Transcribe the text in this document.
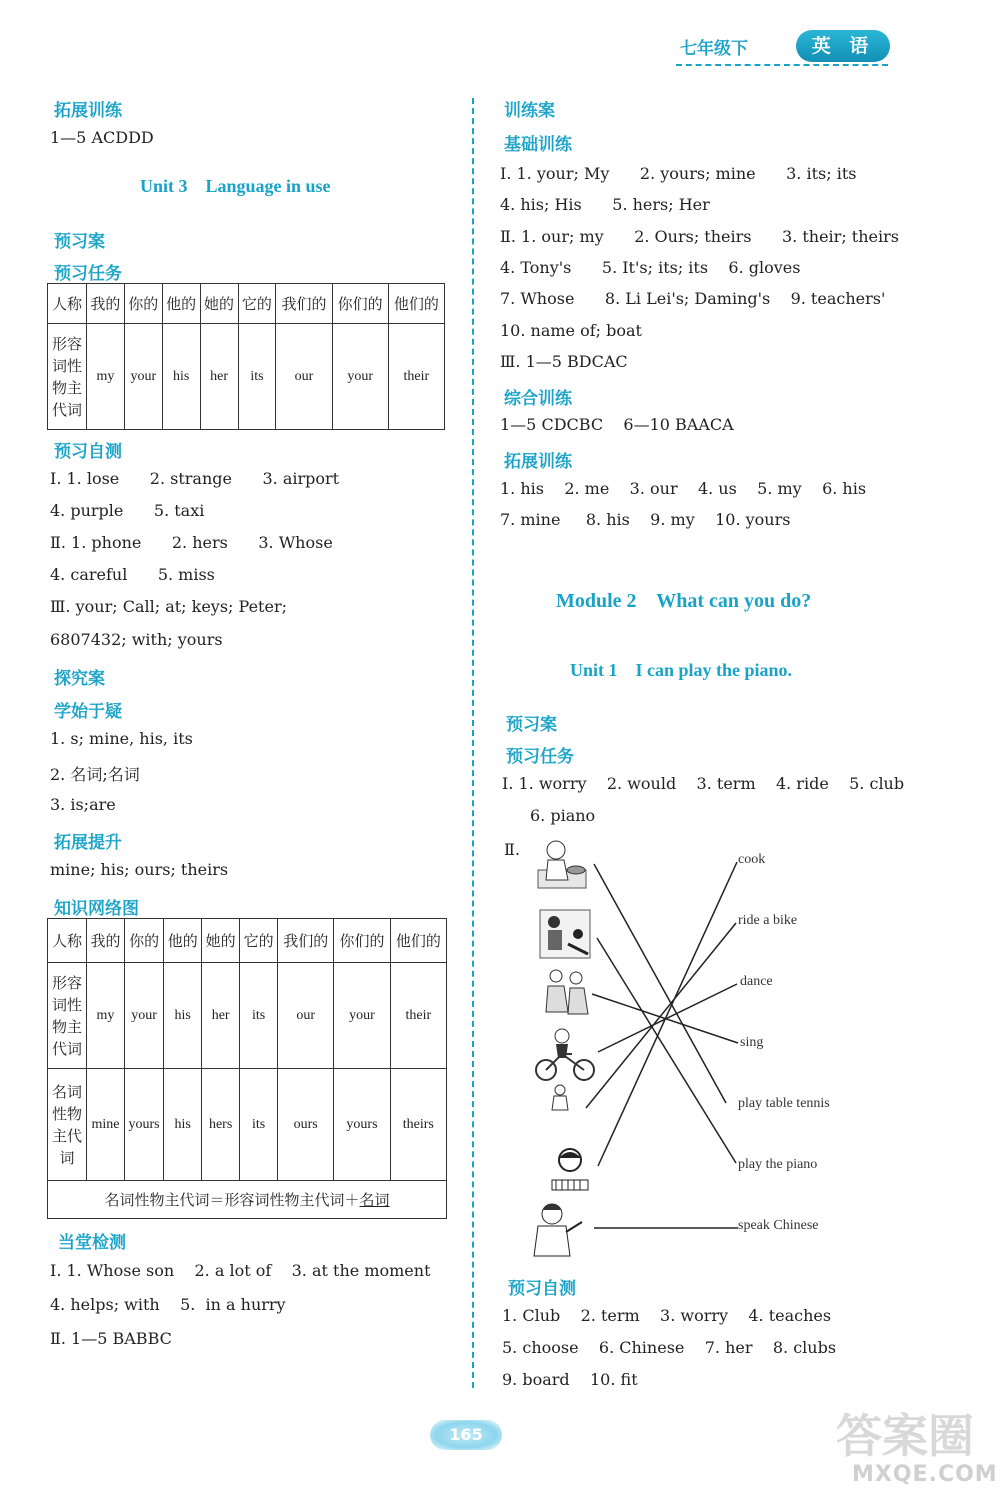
七年级下	英 语
拓展训练
1—5 ACDDD
Unit 3    Language in use
预习案
预习任务
人称	我的	你的	他的	她的	它的	我们的	你们的	他们的

形容词性物主代词	my	your	his	her	its	our	your	their
预习自测
Ⅰ. 1. lose      2. strange      3. airport
4. purple      5. taxi
Ⅱ. 1. phone      2. hers      3. Whose
4. careful      5. miss
Ⅲ. your; Call; at; keys; Peter;
6807432; with; yours
探究案
学始于疑
1. s; mine, his, its
2. 名词;名词
3. is;are
拓展提升
mine; his; ours; theirs
知识网络图
人称	我的	你的	他的	她的	它的	我们的	你们的	他们的

形容词性物主代词	my	your	his	her	its	our	your	their

名词性物主代词	mine	yours	his	hers	its	ours	yours	theirs
名词性物主代词＝形容词性物主代词＋名词								
当堂检测
Ⅰ. 1. Whose son    2. a lot of    3. at the moment
4. helps; with    5.  in a hurry
Ⅱ. 1—5 BABBC
训练案
基础训练
Ⅰ. 1. your; My      2. yours; mine      3. its; its
4. his; His      5. hers; Her
Ⅱ. 1. our; my      2. Ours; theirs      3. their; theirs
4. Tony's      5. It's; its; its    6. gloves
7. Whose      8. Li Lei's; Daming's    9. teachers'
10. name of; boat
Ⅲ. 1—5 BDCAC
综合训练
1—5 CDCBC    6—10 BAACA
拓展训练
1. his    2. me    3. our    4. us    5. my    6. his
7. mine     8. his    9. my    10. yours
Module 2    What can you do?
Unit 1    I can play the piano.
预习案
预习任务
Ⅰ. 1. worry    2. would    3. term    4. ride    5. club
6. piano
Ⅱ.
cook
ride a bike
dance
sing
play table tennis
play the piano
speak Chinese
预习自测
1. Club    2. term    3. worry    4. teaches
5. choose    6. Chinese    7. her    8. clubs
9. board    10. fit
165	答案圈
MXQE.COM
